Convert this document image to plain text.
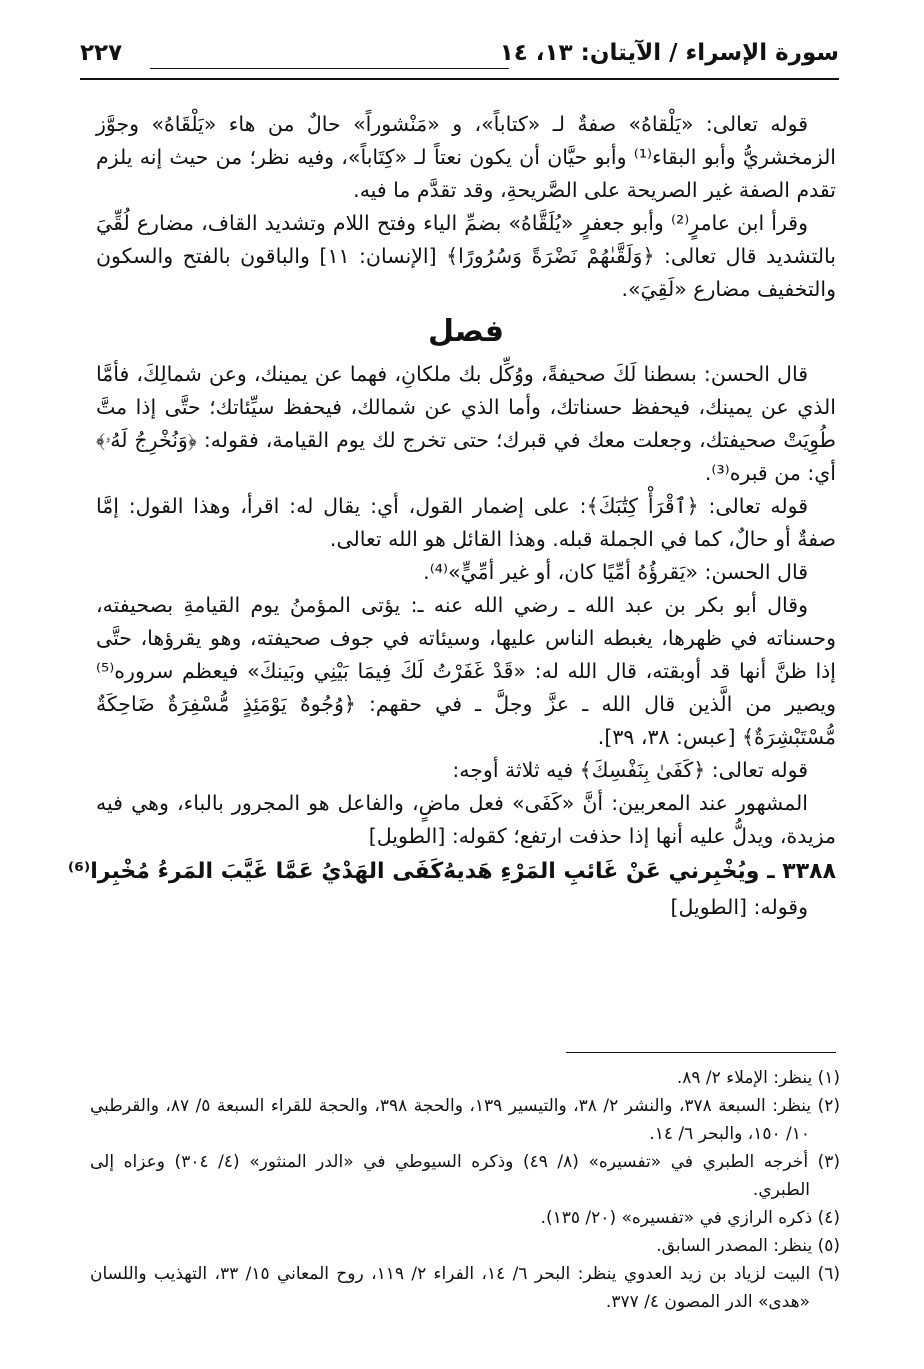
سورة الإسراء / الآيتان: ١٣، ١٤
٢٢٧

قوله تعالى: «يَلْقاهُ» صفةٌ لـ «كتاباً»، و «مَنْشوراً» حالٌ من هاء «يَلْقَاهُ» وجوَّز الزمخشريُّ وأبو البقاء⁽¹⁾ وأبو حيَّان أن يكون نعتاً لـ «كِتَاباً»، وفيه نظر؛ من حيث إنه يلزم تقدم الصفة غير الصريحة على الصَّريحةِ، وقد تقدَّم ما فيه.

وقرأ ابن عامرٍ⁽²⁾ وأبو جعفرٍ «يُلَقَّاهُ» بضمِّ الياء وفتح اللام وتشديد القاف، مضارع لُقِّيَ بالتشديد قال تعالى: ﴿وَلَقَّىٰهُمْ نَضْرَةً وَسُرُورًا﴾ [الإنسان: ١١] والباقون بالفتح والسكون والتخفيف مضارع «لَقِيَ».

فصل

قال الحسن: بسطنا لَكَ صحيفةً، ووُكِّل بك ملكانِ، فهما عن يمينك، وعن شمالِكَ، فأمَّا الذي عن يمينك، فيحفظ حسناتك، وأما الذي عن شمالك، فيحفظ سيِّئاتك؛ حتَّى إذا متَّ طُوِيَتْ صحيفتك، وجعلت معك في قبرك؛ حتى تخرج لك يوم القيامة، فقوله: ﴿وَنُخْرِجُ لَهُۥ﴾ أي: من قبره⁽³⁾.

قوله تعالى: ﴿ٱقْرَأْ كِتَٰبَكَ﴾: على إضمار القول، أي: يقال له: اقرأ، وهذا القول: إمَّا صفةٌ أو حالٌ، كما في الجملة قبله. وهذا القائل هو الله تعالى.

قال الحسن: «يَقرؤُهُ أمِّيًا كان، أو غير أمِّيٍّ»⁽⁴⁾.

وقال أبو بكر بن عبد الله ـ رضي الله عنه ـ: يؤتى المؤمنُ يوم القيامةِ بصحيفته، وحسناته في ظهرها، يغبطه الناس عليها، وسيئاته في جوف صحيفته، وهو يقرؤها، حتَّى إذا ظنَّ أنها قد أوبقته، قال الله له: «قَدْ غَفَرْتُ لَكَ فِيمَا بَيْنِي وبَينكَ» فيعظم سروره⁽⁵⁾ ويصير من الَّذين قال الله ـ عزَّ وجلَّ ـ في حقهم: ﴿وُجُوهٌ يَوْمَئِذٍ مُّسْفِرَةٌ ضَاحِكَةٌ مُّسْتَبْشِرَةٌ﴾ [عبس: ٣٨، ٣٩].

قوله تعالى: ﴿كَفَىٰ بِنَفْسِكَ﴾ فيه ثلاثة أوجه:

المشهور عند المعربين: أنَّ «كَفَى» فعل ماضٍ، والفاعل هو المجرور بالباء، وهي فيه مزيدة، ويدلُّ عليه أنها إذا حذفت ارتفع؛ كقوله: [الطويل]

٣٣٨٨ ـ ويُخْبِرني عَنْ غَائبِ المَرْءِ هَديهُ
كَفَى الهَدْيُ عَمَّا غَيَّبَ المَرءُ مُخْبِرا⁽⁶⁾

وقوله: [الطويل]

(١) ينظر: الإملاء ٢/ ٨٩.

(٢) ينظر: السبعة ٣٧٨، والنشر ٢/ ٣٨، والتيسير ١٣٩، والحجة ٣٩٨، والحجة للقراء السبعة ٥/ ٨٧، والقرطبي ١٠/ ١٥٠، والبحر ٦/ ١٤.

(٣) أخرجه الطبري في «تفسيره» (٨/ ٤٩) وذكره السيوطي في «الدر المنثور» (٤/ ٣٠٤) وعزاه إلى الطبري.

(٤) ذكره الرازي في «تفسيره» (٢٠/ ١٣٥).

(٥) ينظر: المصدر السابق.

(٦) البيت لزياد بن زيد العدوي ينظر: البحر ٦/ ١٤، الفراء ٢/ ١١٩، روح المعاني ١٥/ ٣٣، التهذيب واللسان «هدى» الدر المصون ٤/ ٣٧٧.
